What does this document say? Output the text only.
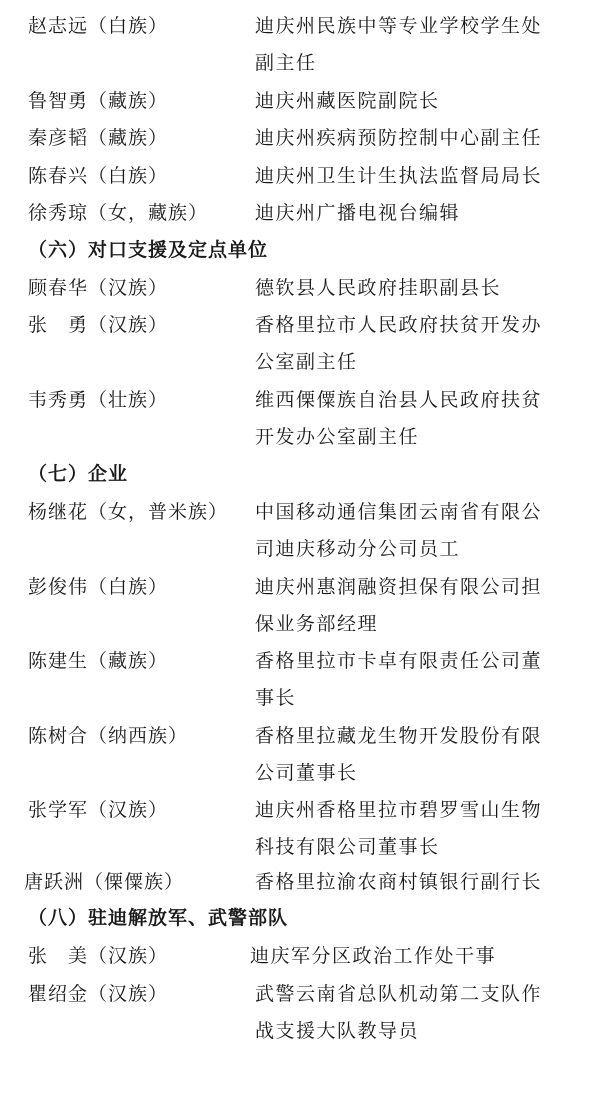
赵志远（白族）	迪庆州民族中等专业学校学生处
副主任
鲁智勇（藏族）	迪庆州藏医院副院长
秦彦韬（藏族）	迪庆州疾病预防控制中心副主任
陈春兴（白族）	迪庆州卫生计生执法监督局局长
徐秀琼（女，藏族） 迪庆州广播电视台编辑
（六）对口支援及定点单位
顾春华（汉族）	德钦县人民政府挂职副县长
张　勇（汉族）	香格里拉市人民政府扶贫开发办
公室副主任
韦秀勇（壮族）	维西傈僳族自治县人民政府扶贫
开发办公室副主任
（七）企业
杨继花（女，普米族） 中国移动通信集团云南省有限公
司迪庆移动分公司员工
彭俊伟（白族）	迪庆州惠润融资担保有限公司担
保业务部经理
陈建生（藏族）	香格里拉市卡卓有限责任公司董
事长
陈树合（纳西族）	香格里拉藏龙生物开发股份有限
公司董事长
张学军（汉族）	迪庆州香格里拉市碧罗雪山生物
科技有限公司董事长
唐跃洲（傈僳族）	香格里拉渝农商村镇银行副行长
（八）驻迪解放军、武警部队
张　美（汉族）	迪庆军分区政治工作处干事
瞿绍金（汉族）	武警云南省总队机动第二支队作
战支援大队教导员
